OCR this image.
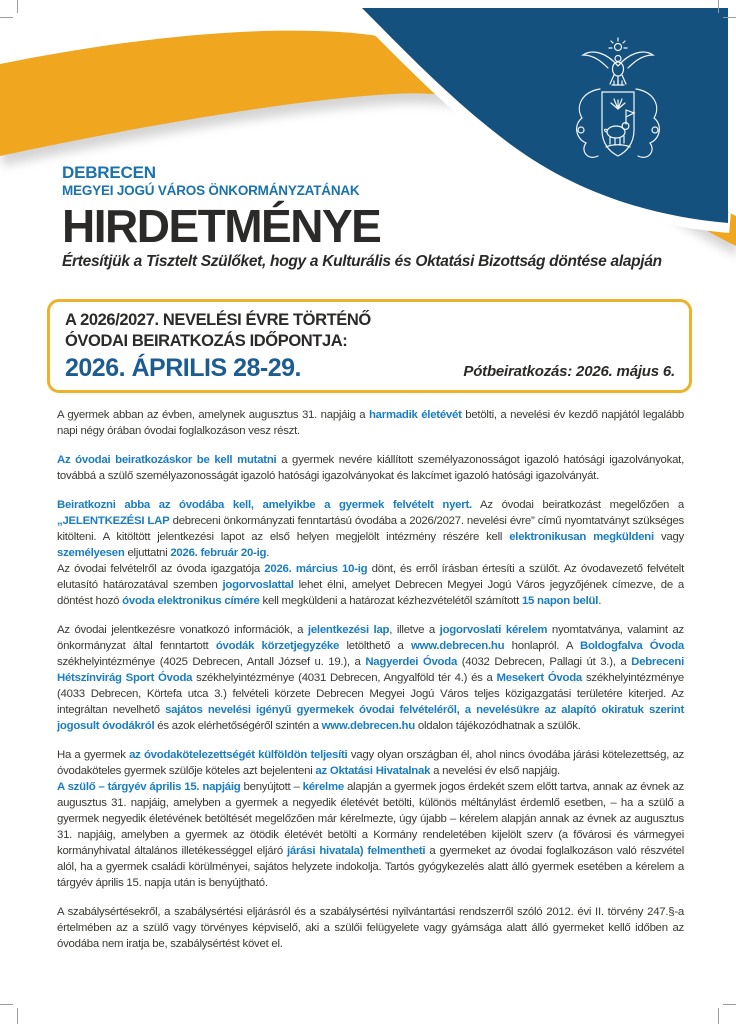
DEBRECEN
MEGYEI JOGÚ VÁROS ÖNKORMÁNYZATÁNAK
HIRDETMÉNYE
Értesítjük a Tisztelt Szülőket, hogy a Kulturális és Oktatási Bizottság döntése alapján
A 2026/2027. NEVELÉSI ÉVRE TÖRTÉNŐ
ÓVODAI BEIRATKOZÁS IDŐPONTJA:
2026. ÁPRILIS 28-29.	Pótbeiratkozás: 2026. május 6.

A gyermek abban az évben, amelynek augusztus 31. napjáig a harmadik életévét betölti, a nevelési év kezdő napjától legalább napi négy órában óvodai foglalkozáson vesz részt.

Az óvodai beiratkozáskor be kell mutatni a gyermek nevére kiállított személyazonosságot igazoló hatósági igazolványokat, továbbá a szülő személyazonosságát igazoló hatósági igazolványokat és lakcímet igazoló hatósági igazolványát.

Beiratkozni abba az óvodába kell, amelyikbe a gyermek felvételt nyert. Az óvodai beiratkozást megelőzően a „JELENTKEZÉSI LAP debreceni önkormányzati fenntartású óvodába a 2026/2027. nevelési évre” című nyomtatványt szükséges kitölteni. A kitöltött jelentkezési lapot az első helyen megjelölt intézmény részére kell elektronikusan megküldeni vagy személyesen eljuttatni 2026. február 20-ig.
Az óvodai felvételről az óvoda igazgatója 2026. március 10-ig dönt, és erről írásban értesíti a szülőt. Az óvodavezető felvételt elutasító határozatával szemben jogorvoslattal lehet élni, amelyet Debrecen Megyei Jogú Város jegyzőjének címezve, de a döntést hozó óvoda elektronikus címére kell megküldeni a határozat kézhezvételétől számított 15 napon belül.

Az óvodai jelentkezésre vonatkozó információk, a jelentkezési lap, illetve a jogorvoslati kérelem nyomtatványa, valamint az önkormányzat által fenntartott óvodák körzetjegyzéke letölthető a www.debrecen.hu honlapról. A Boldogfalva Óvoda székhelyintézménye (4025 Debrecen, Antall József u. 19.), a Nagyerdei Óvoda (4032 Debrecen, Pallagi út 3.), a Debreceni Hétszínvirág Sport Óvoda székhelyintézménye (4031 Debrecen, Angyalföld tér 4.) és a Mesekert Óvoda székhelyintézménye (4033 Debrecen, Körtefa utca 3.) felvételi körzete Debrecen Megyei Jogú Város teljes közigazgatási területére kiterjed. Az integráltan nevelhető sajátos nevelési igényű gyermekek óvodai felvételéről, a nevelésükre az alapító okiratuk szerint jogosult óvodákról és azok elérhetőségéről szintén a www.debrecen.hu oldalon tájékozódhatnak a szülők.

Ha a gyermek az óvodakötelezettségét külföldön teljesíti vagy olyan országban él, ahol nincs óvodába járási kötelezettség, az óvodaköteles gyermek szülője köteles azt bejelenteni az Oktatási Hivatalnak a nevelési év első napjáig.
A szülő – tárgyév április 15. napjáig benyújtott – kérelme alapján a gyermek jogos érdekét szem előtt tartva, annak az évnek az augusztus 31. napjáig, amelyben a gyermek a negyedik életévét betölti, különös méltánylást érdemlő esetben, – ha a szülő a gyermek negyedik életévének betöltését megelőzően már kérelmezte, úgy újabb – kérelem alapján annak az évnek az augusztus 31. napjáig, amelyben a gyermek az ötödik életévét betölti a Kormány rendeletében kijelölt szerv (a fővárosi és vármegyei kormányhivatal általános illetékességgel eljáró járási hivatala) felmentheti a gyermeket az óvodai foglalkozáson való részvétel alól, ha a gyermek családi körülményei, sajátos helyzete indokolja. Tartós gyógykezelés alatt álló gyermek esetében a kérelem a tárgyév április 15. napja után is benyújtható.

A szabálysértésekről, a szabálysértési eljárásról és a szabálysértési nyilvántartási rendszerről szóló 2012. évi II. törvény 247.§-a értelmében az a szülő vagy törvényes képviselő, aki a szülői felügyelete vagy gyámsága alatt álló gyermeket kellő időben az óvodába nem iratja be, szabálysértést követ el.
